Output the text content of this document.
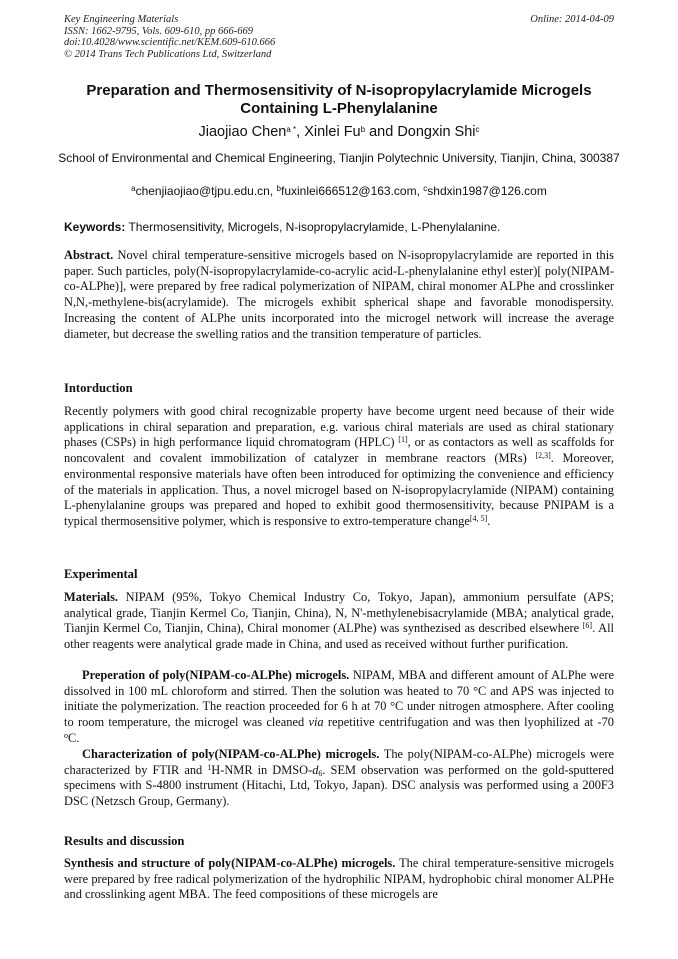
Key Engineering Materials	Online: 2014-04-09
ISSN: 1662-9795, Vols. 609-610, pp 666-669
doi:10.4028/www.scientific.net/KEM.609-610.666
© 2014 Trans Tech Publications Ltd, Switzerland
Preparation and Thermosensitivity of N-isopropylacrylamide Microgels
Containing L-Phenylalanine
Jiaojiao Chen$^{a *}$, Xinlei Fu$^b$ and Dongxin Shi$^c$
School of Environmental and Chemical Engineering, Tianjin Polytechnic University, Tianjin, China, 300387
$^a$chenjiaojiao@tjpu.edu.cn, $^b$fuxinlei666512@163.com, $^c$shdxin1987@126.com
Keywords: Thermosensitivity, Microgels, N-isopropylacrylamide, L-Phenylalanine.
Abstract. Novel chiral temperature-sensitive microgels based on N-isopropylacrylamide are reported in this paper. Such particles, poly(N-isopropylacrylamide-co-acrylic acid-L-phenylalanine ethyl ester)[ poly(NIPAM-co-ALPhe)], were prepared by free radical polymerization of NIPAM, chiral monomer ALPhe and crosslinker N,N,-methylene-bis(acrylamide). The microgels exhibit spherical shape and favorable monodispersity. Increasing the content of ALPhe units incorporated into the microgel network will increase the average diameter, but decrease the swelling ratios and the transition temperature of particles.
Intorduction
Recently polymers with good chiral recognizable property have become urgent need because of their wide applications in chiral separation and preparation, e.g. various chiral materials are used as chiral stationary phases (CSPs) in high performance liquid chromatogram (HPLC) [1], or as contactors as well as scaffolds for noncovalent and covalent immobilization of catalyzer in membrane reactors (MRs) [2,3]. Moreover, environmental responsive materials have often been introduced for optimizing the convenience and efficiency of the materials in application. Thus, a novel microgel based on N-isopropylacrylamide (NIPAM) containing L-phenylalanine groups was prepared and hoped to exhibit good thermosensitivity, because PNIPAM is a typical thermosensitive polymer, which is responsive to extro-temperature change[4, 5].
Experimental
Materials. NIPAM (95%, Tokyo Chemical Industry Co, Tokyo, Japan), ammonium persulfate (APS; analytical grade, Tianjin Kermel Co, Tianjin, China), N, N'-methylenebisacrylamide (MBA; analytical grade, Tianjin Kermel Co, Tianjin, China), Chiral monomer (ALPhe) was synthezised as described elsewhere [6]. All other reagents were analytical grade made in China, and used as received without further purification.
Preperation of poly(NIPAM-co-ALPhe) microgels. NIPAM, MBA and different amount of ALPhe were dissolved in 100 mL chloroform and stirred. Then the solution was heated to 70 °C and APS was injected to initiate the polymerization. The reaction proceeded for 6 h at 70 °C under nitrogen atmosphere. After cooling to room temperature, the microgel was cleaned via repetitive centrifugation and was then lyophilized at -70 $^o$C.
Characterization of poly(NIPAM-co-ALPhe) microgels. The poly(NIPAM-co-ALPhe) microgels were characterized by FTIR and $^1$H-NMR in DMSO-$d_6$. SEM observation was performed on the gold-sputtered specimens with S-4800 instrument (Hitachi, Ltd, Tokyo, Japan). DSC analysis was performed using a 200F3 DSC (Netzsch Group, Germany).
Results and discussion
Synthesis and structure of poly(NIPAM-co-ALPhe) microgels. The chiral temperature-sensitive microgels were prepared by free radical polymerization of the hydrophilic NIPAM, hydrophobic chiral monomer ALPHe and crosslinking agent MBA. The feed compositions of these microgels are
